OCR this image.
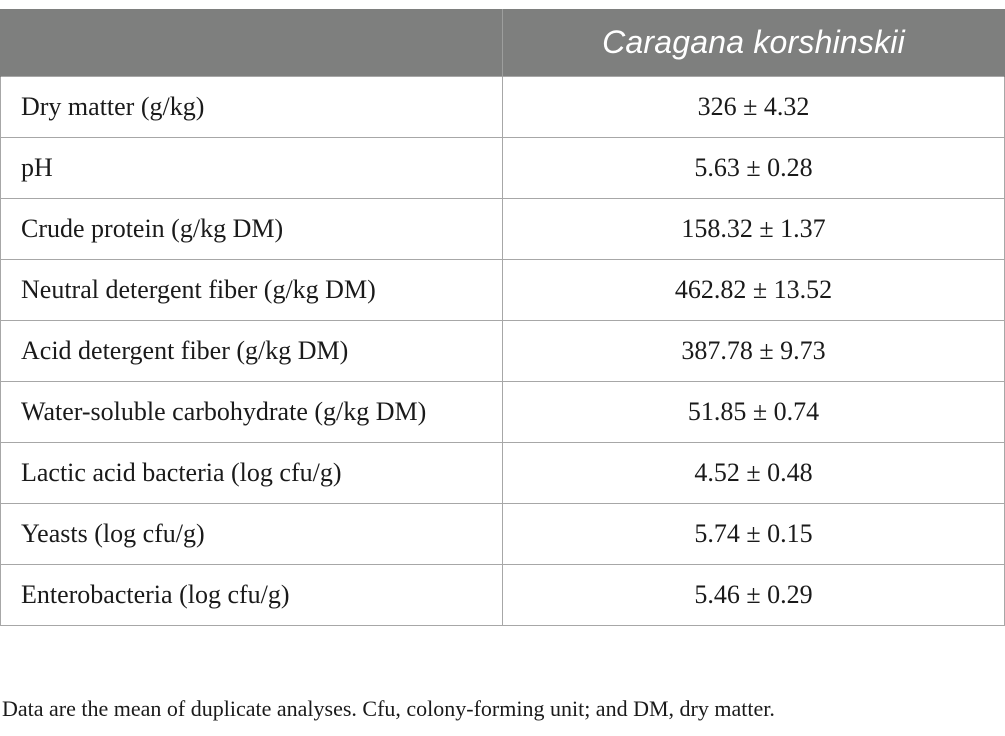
	Caragana korshinskii
Dry matter (g/kg)	326 ± 4.32
pH	5.63 ± 0.28
Crude protein (g/kg DM)	158.32 ± 1.37
Neutral detergent fiber (g/kg DM)	462.82 ± 13.52
Acid detergent fiber (g/kg DM)	387.78 ± 9.73
Water-soluble carbohydrate (g/kg DM)	51.85 ± 0.74
Lactic acid bacteria (log cfu/g)	4.52 ± 0.48
Yeasts (log cfu/g)	5.74 ± 0.15
Enterobacteria (log cfu/g)	5.46 ± 0.29
Data are the mean of duplicate analyses. Cfu, colony-forming unit; and DM, dry matter.
